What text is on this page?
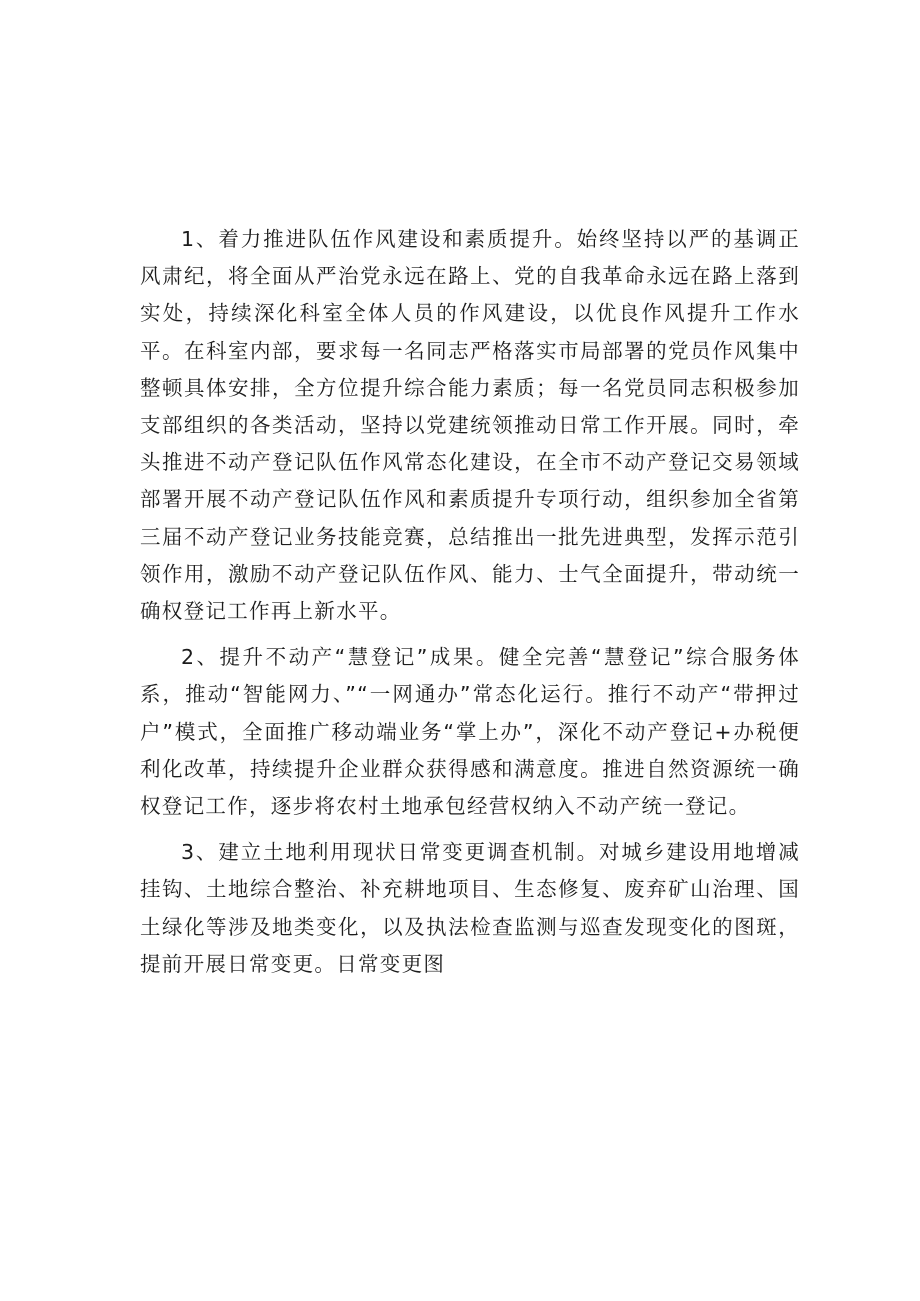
1、着力推进队伍作风建设和素质提升。始终坚持以严的基调正风肃纪，将全面从严治党永远在路上、党的自我革命永远在路上落到实处，持续深化科室全体人员的作风建设，以优良作风提升工作水平。在科室内部，要求每一名同志严格落实市局部署的党员作风集中整顿具体安排，全方位提升综合能力素质；每一名党员同志积极参加支部组织的各类活动，坚持以党建统领推动日常工作开展。同时，牵头推进不动产登记队伍作风常态化建设，在全市不动产登记交易领域部署开展不动产登记队伍作风和素质提升专项行动，组织参加全省第三届不动产登记业务技能竞赛，总结推出一批先进典型，发挥示范引领作用，激励不动产登记队伍作风、能力、士气全面提升，带动统一确权登记工作再上新水平。

2、提升不动产“慧登记”成果。健全完善“慧登记”综合服务体系，推动“智能网力、”“一网通办”常态化运行。推行不动产“带押过户”模式，全面推广移动端业务“掌上办”，深化不动产登记+办税便利化改革，持续提升企业群众获得感和满意度。推进自然资源统一确权登记工作，逐步将农村土地承包经营权纳入不动产统一登记。

3、建立土地利用现状日常变更调查机制。对城乡建设用地增减挂钩、土地综合整治、补充耕地项目、生态修复、废弃矿山治理、国土绿化等涉及地类变化，以及执法检查监测与巡查发现变化的图斑，提前开展日常变更。日常变更图
